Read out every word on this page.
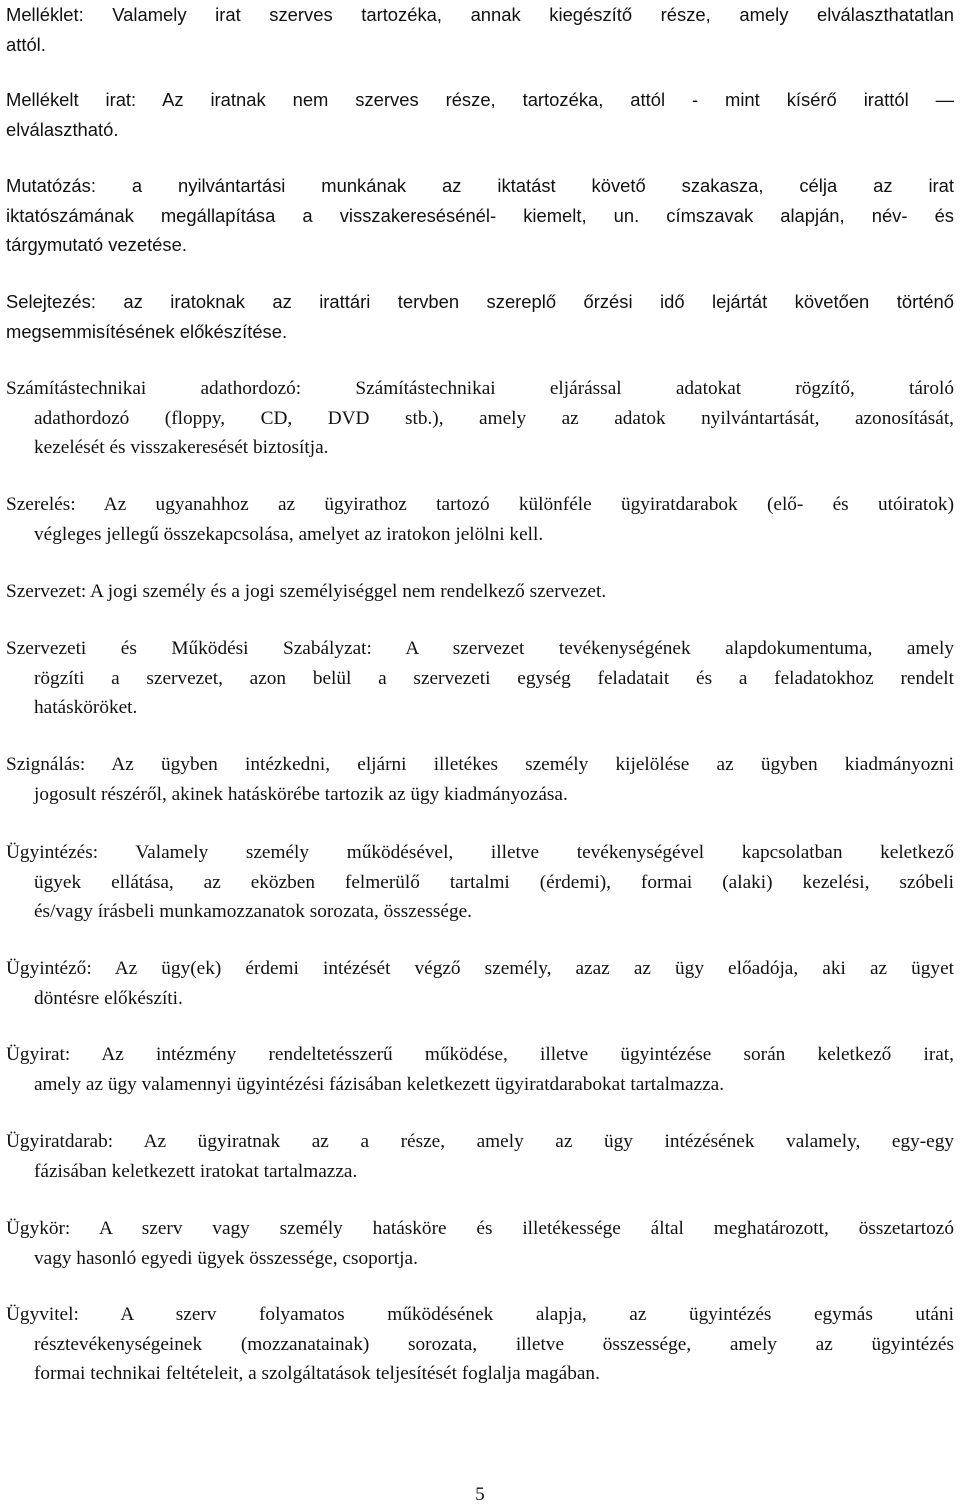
Melléklet: Valamely irat szerves tartozéka, annak kiegészítő része, amely elválaszthatatlan
attól.

Mellékelt irat: Az iratnak nem szerves része, tartozéka, attól - mint kísérő irattól —
elválasztható.

Mutatózás: a nyilvántartási munkának az iktatást követő szakasza, célja az irat
iktatószámának megállapítása a visszakeresésénél- kiemelt, un. címszavak alapján, név- és
tárgymutató vezetése.

Selejtezés: az iratoknak az irattári tervben szereplő őrzési idő lejártát követően történő
megsemmisítésének előkészítése.

Számítástechnikai adathordozó: Számítástechnikai eljárással adatokat rögzítő, tároló
adathordozó (floppy, CD, DVD stb.), amely az adatok nyilvántartását, azonosítását,
kezelését és visszakeresését biztosítja.

Szerelés: Az ugyanahhoz az ügyirathoz tartozó különféle ügyiratdarabok (elő- és utóiratok)
végleges jellegű összekapcsolása, amelyet az iratokon jelölni kell.

Szervezet: A jogi személy és a jogi személyiséggel nem rendelkező szervezet.

Szervezeti és Működési Szabályzat: A szervezet tevékenységének alapdokumentuma, amely
rögzíti a szervezet, azon belül a szervezeti egység feladatait és a feladatokhoz rendelt
hatásköröket.

Szignálás: Az ügyben intézkedni, eljárni illetékes személy kijelölése az ügyben kiadmányozni
jogosult részéről, akinek hatáskörébe tartozik az ügy kiadmányozása.

Ügyintézés: Valamely személy működésével, illetve tevékenységével kapcsolatban keletkező
ügyek ellátása, az eközben felmerülő tartalmi (érdemi), formai (alaki) kezelési, szóbeli
és/vagy írásbeli munkamozzanatok sorozata, összessége.

Ügyintéző: Az ügy(ek) érdemi intézését végző személy, azaz az ügy előadója, aki az ügyet
döntésre előkészíti.

Ügyirat: Az intézmény rendeltetésszerű működése, illetve ügyintézése során keletkező irat,
amely az ügy valamennyi ügyintézési fázisában keletkezett ügyiratdarabokat tartalmazza.

Ügyiratdarab: Az ügyiratnak az a része, amely az ügy intézésének valamely, egy-egy
fázisában keletkezett iratokat tartalmazza.

Ügykör: A szerv vagy személy hatásköre és illetékessége által meghatározott, összetartozó
vagy hasonló egyedi ügyek összessége, csoportja.

Ügyvitel: A szerv folyamatos működésének alapja, az ügyintézés egymás utáni
résztevékenységeinek (mozzanatainak) sorozata, illetve összessége, amely az ügyintézés
formai technikai feltételeit, a szolgáltatások teljesítését foglalja magában.

5
